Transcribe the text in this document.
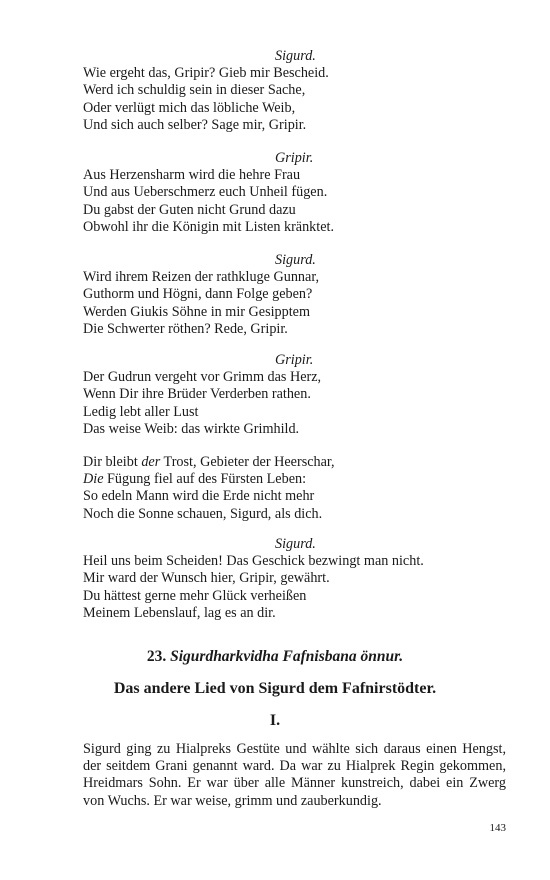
Sigurd.
Wie ergeht das, Gripir? Gieb mir Bescheid.
Werd ich schuldig sein in dieser Sache,
Oder verlügt mich das löbliche Weib,
Und sich auch selber? Sage mir, Gripir.
Gripir.
Aus Herzensharm wird die hehre Frau
Und aus Ueberschmerz euch Unheil fügen.
Du gabst der Guten nicht Grund dazu
Obwohl ihr die Königin mit Listen kränktet.
Sigurd.
Wird ihrem Reizen der rathkluge Gunnar,
Guthorm und Högni, dann Folge geben?
Werden Giukis Söhne in mir Gesipptem
Die Schwerter röthen? Rede, Gripir.
Gripir.
Der Gudrun vergeht vor Grimm das Herz,
Wenn Dir ihre Brüder Verderben rathen.
Ledig lebt aller Lust
Das weise Weib: das wirkte Grimhild.
Dir bleibt der Trost, Gebieter der Heerschar,
Die Fügung fiel auf des Fürsten Leben:
So edeln Mann wird die Erde nicht mehr
Noch die Sonne schauen, Sigurd, als dich.
Sigurd.
Heil uns beim Scheiden! Das Geschick bezwingt man nicht.
Mir ward der Wunsch hier, Gripir, gewährt.
Du hättest gerne mehr Glück verheißen
Meinem Lebenslauf, lag es an dir.
23. Sigurdharkvidha Fafnisbana önnur.
Das andere Lied von Sigurd dem Fafnirstödter.
I.
Sigurd ging zu Hialpreks Gestüte und wählte sich daraus einen Hengst, der seitdem Grani genannt ward. Da war zu Hialprek Regin gekommen, Hreidmars Sohn. Er war über alle Männer kunstreich, dabei ein Zwerg von Wuchs. Er war weise, grimm und zauberkundig.
143
